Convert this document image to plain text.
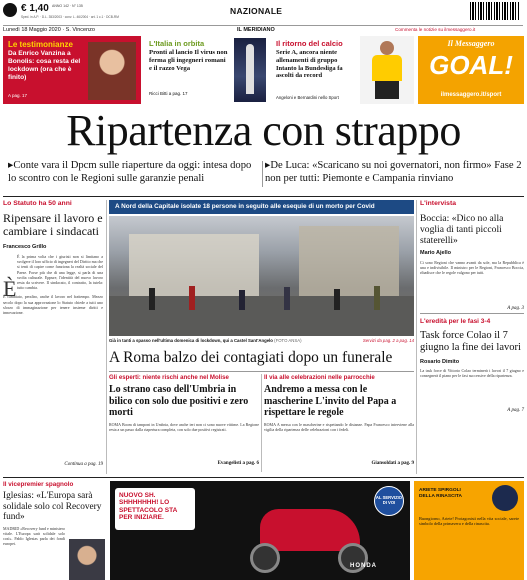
€ 1,40 ANNO 142 · N° 135
Sped. in A.P. · D.L. 353/2003 · conv. L. 46/2004 · art. 1 c.1 · DCB-RM
NAZIONALE
Lunedì 18 Maggio 2020 · S. Vincenzo	IL MERIDIANO	Commenta le notizie su ilmessaggero.it
Le testimonianze
Da Enrico Vanzina a Bonolis: cosa resta del lockdown (ora che è finito)
A pag. 17
L'Italia in orbita
Pronti al lancio Il virus non ferma gli ingegneri romani e il razzo Vega
Ricci Bitti a pag. 17
Il ritorno del calcio
Serie A, ancora niente allenamenti di gruppo Intanto la Bundesliga fa ascolti da record
Angeloni e Bernardini nello Sport
Il Messaggero
GOAL!
ilmessaggero.it/sport
Ripartenza con strappo
▸Conte vara il Dpcm sulle riaperture da oggi: intesa dopo lo scontro con le Regioni sulle garanzie penali
▸De Luca: «Scaricano su noi governatori, non firmo» Fase 2 non per tutti: Piemonte e Campania rinviano
Lo Statuto ha 50 anni
Ripensare il lavoro e cambiare i sindacati
Francesco Grillo
È
È la prima volta che i giuristi non si limitano a svolgere il loro ufficio di ingegneri del Diritto ma che si tenti di capire come funziona la realtà sociale del Paese. Forse più che di una legge, si parla di una svolta culturale. Eppure, l'identità del nuovo lavoro resta da scrivere. Il sindacato, il contratto, la tutela: tutto cambia.
È cambiato, peraltro, anche il lavoro nel frattempo. Mezzo secolo dopo la sua approvazione lo Statuto chiede a tutti uno sforzo di immaginazione per tenere insieme diritti e innovazione.
Continua a pag. 19
A Nord della Capitale isolate 18 persone in seguito alle esequie di un morto per Covid
Già in tanti a spasso nell'ultima domenica di lockdown, qui a Castel Sant'Angelo (FOTO ANSA)	Servizi da pag. 2 a pag. 14
A Roma balzo dei contagiati dopo un funerale
Gli esperti: niente rischi anche nel Molise
Lo strano caso dell'Umbria in bilico con solo due positivi e zero morti
ROMA Boom di tamponi in Umbria, dove anche ieri non ci sono nuove vittime. La Regione resta a un passo dalla riapertura completa, con solo due positivi registrati.
Evangelisti a pag. 6
Il via alle celebrazioni nelle parrocchie
Andremo a messa con le mascherine L'invito del Papa a rispettare le regole
ROMA A messa con le mascherine e rispettando le distanze. Papa Francesco interviene alla vigilia della ripartenza delle celebrazioni con i fedeli.
Giansoldati a pag. 9
L'intervista
Boccia: «Dico no alla voglia di tanti piccoli staterelli»
Mario Ajello
Ci sono Regioni che vanno avanti da sole, ma la Repubblica è una e indivisibile. Il ministro per le Regioni, Francesco Boccia, ribadisce che le regole valgono per tutti.
A pag. 3
L'eredità per le fasi 3-4
Task force Colao il 7 giugno la fine dei lavori
Rosario Dimito
La task force di Vittorio Colao terminerà i lavori il 7 giugno e consegnerà il piano per le fasi successive della ripartenza.
A pag. 7
Il vicepremier spagnolo
Iglesias: «L'Europa sarà solidale solo col Recovery fund»
MADRID «Recovery fund e ministero vitale. L'Europa sarà solidale solo così». Pablo Iglesias parla dei fondi europei.
NUOVO SH. SHHHHHHH! LO SPETTACOLO STA PER INIZIARE.
HONDA
AL SERVIZIO DI VOI
ARIETE SPIRGOLI DELLA RINASCITA
Buongiorno, Ariete! Protagonisti nella vita sociale, sarete simbolo della primavera e della rinascita.
